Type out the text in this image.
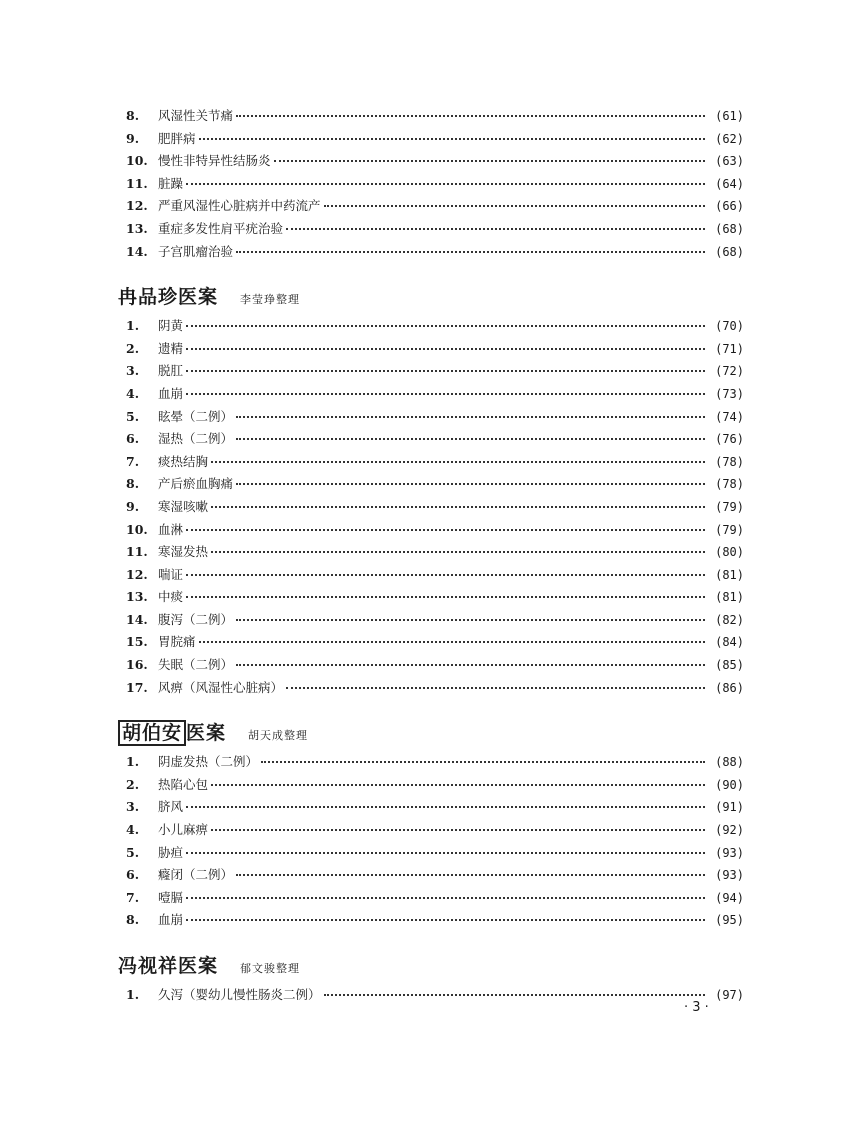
8.	风湿性关节痛	(61)
9.	肥胖病	(62)
10. 慢性非特异性结肠炎	(63)
11. 脏躁	(64)
12. 严重风湿性心脏病并中药流产	(66)
13. 重症多发性肩平疣治验	(68)
14. 子宫肌瘤治验	(68)
冉品珍医案 李莹琤整理
1.	阴黄	(70)
2.	遗精	(71)
3.	脱肛	(72)
4.	血崩	(73)
5.	眩晕（二例）	(74)
6.	湿热（二例）	(76)
7.	痰热结胸	(78)
8.	产后瘀血胸痛	(78)
9.	寒湿咳嗽	(79)
10. 血淋	(79)
11. 寒湿发热	(80)
12. 喘证	(81)
13. 中痰	(81)
14. 腹泻（二例）	(82)
15. 胃脘痛	(84)
16. 失眠（二例）	(85)
17. 风痹（风湿性心脏病）	(86)
胡伯安 医案 胡天成整理
1.	阴虚发热（二例）	(88)
2.	热陷心包	(90)
3.	脐风	(91)
4.	小儿麻痹	(92)
5.	胁疸	(93)
6.	癃闭（二例）	(93)
7.	噎膈	(94)
8.	血崩	(95)
冯视祥医案 郁文骏整理
1.	久泻（婴幼儿慢性肠炎二例）	(97)
· 3 ·
